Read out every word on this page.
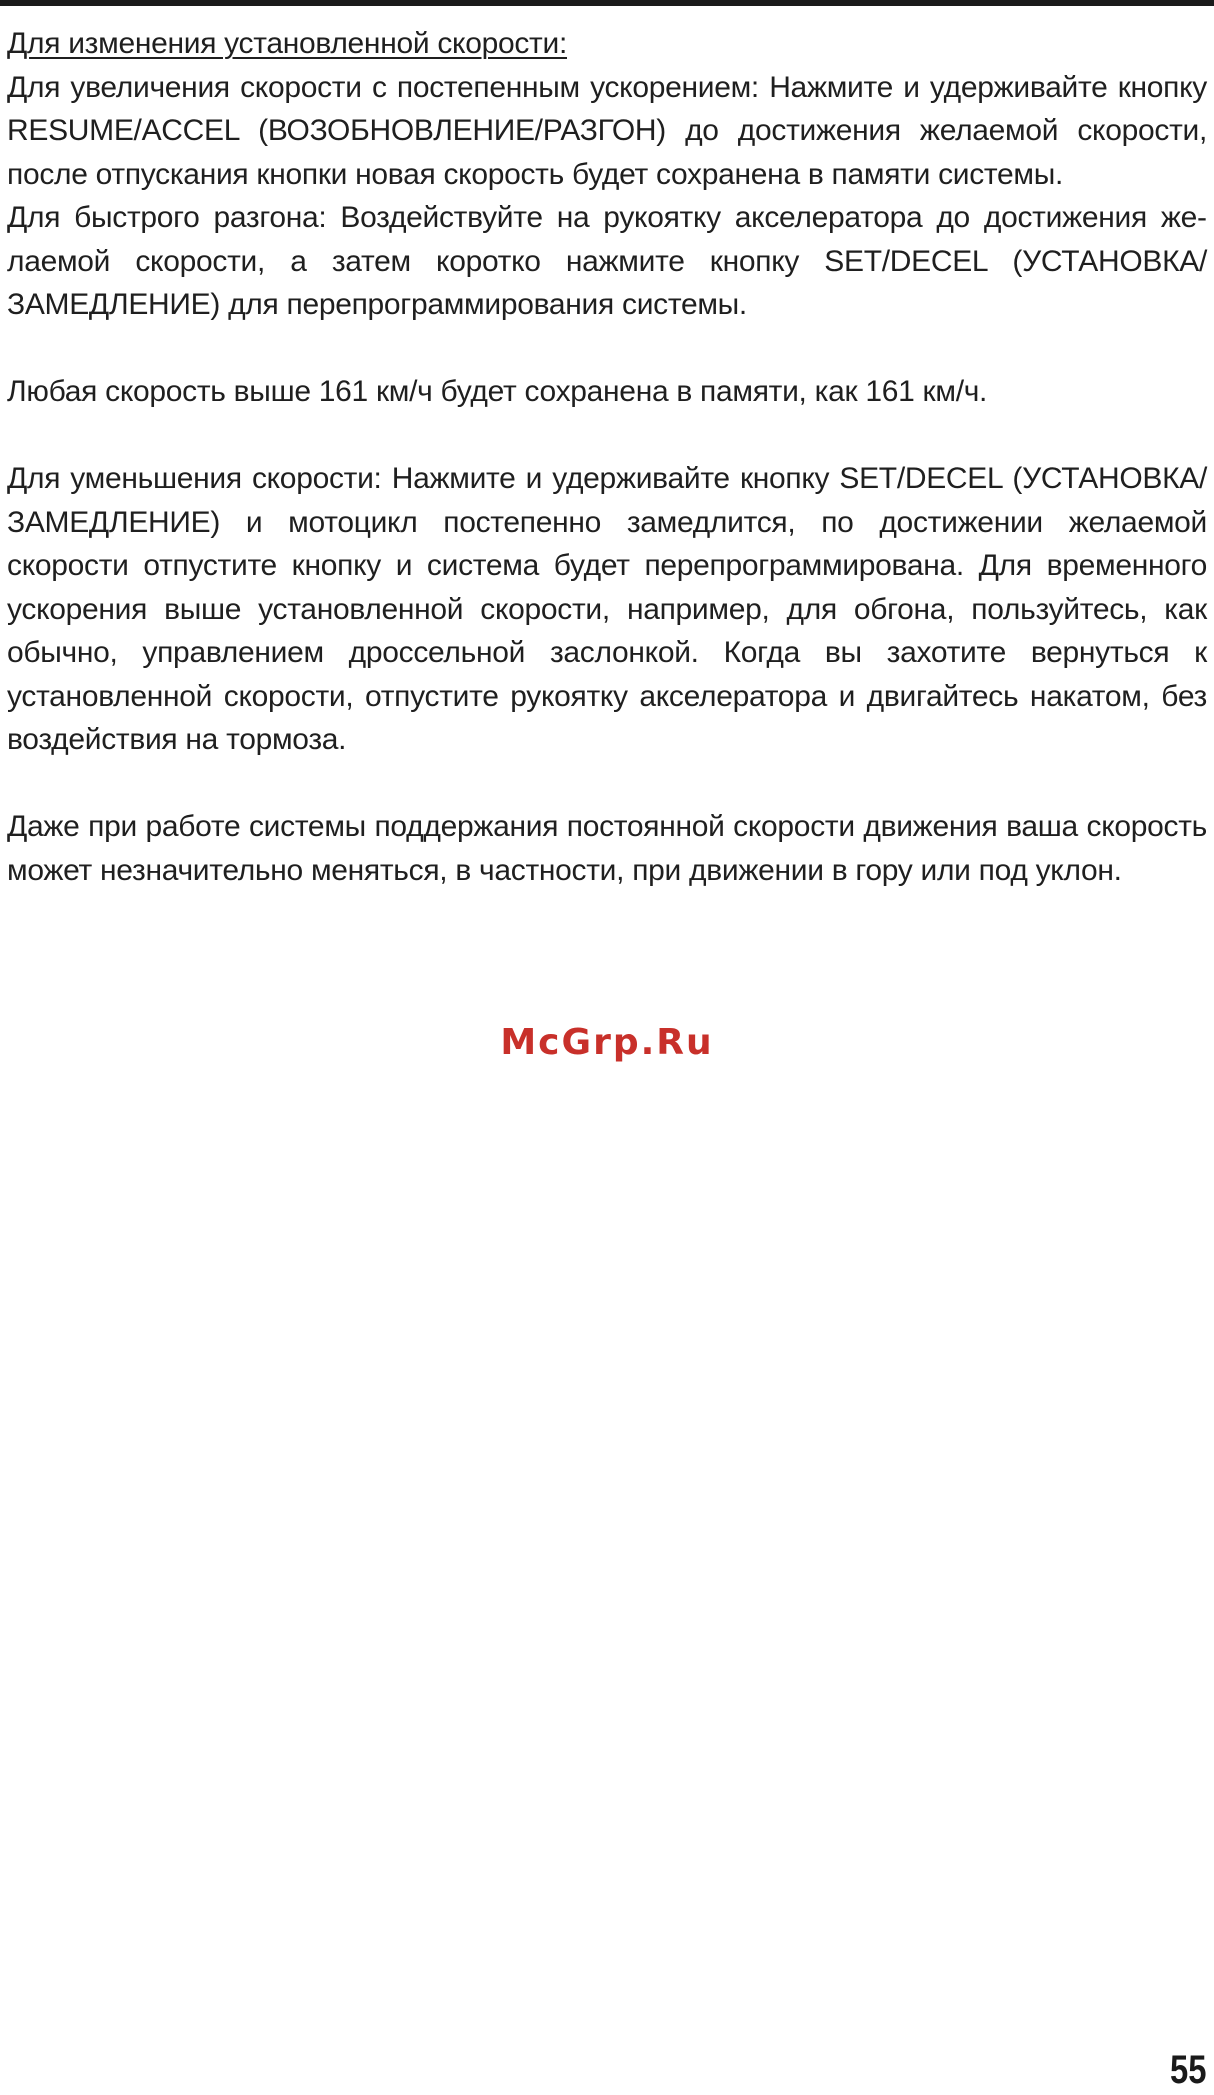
Для изменения установленной скорости:

Для увеличения скорости с постепенным ускорением: Нажмите и удерживайте кнопку RESUME/ACCEL (ВОЗОБНОВЛЕНИЕ/РАЗГОН) до достижения желаемой скорости, после отпускания кнопки новая скорость будет сохранена в памяти системы.

Для быстрого разгона: Воздействуйте на рукоятку акселератора до достижения желаемой скорости, а затем коротко нажмите кнопку SET/DECEL (УСТАНОВКА/ ЗАМЕДЛЕНИЕ) для перепрограммирования системы.

Любая скорость выше 161 км/ч будет сохранена в памяти, как 161 км/ч.

Для уменьшения скорости: Нажмите и удерживайте кнопку SET/DECEL (УСТАНОВКА/ЗАМЕДЛЕНИЕ) и мотоцикл постепенно замедлится, по достижении желаемой скорости отпустите кнопку и система будет перепрограммирована. Для временного ускорения выше установленной скорости, например, для обгона, пользуйтесь, как обычно, управлением дроссельной заслонкой. Когда вы захотите вернуться к установленной скорости, отпустите рукоятку акселератора и двигайтесь накатом, без воздействия на тормоза.

Даже при работе системы поддержания постоянной скорости движения ваша скорость может незначительно меняться, в частности, при движении в гору или под уклон.

McGrp.Ru
55
